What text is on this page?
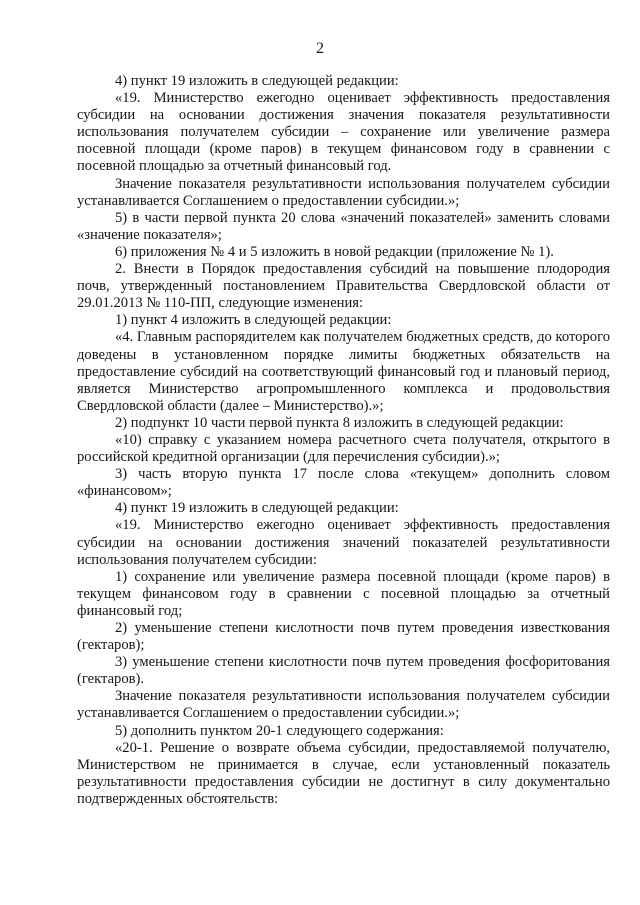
2

4) пункт 19 изложить в следующей редакции:

«19. Министерство ежегодно оценивает эффективность предоставления субсидии на основании достижения значения показателя результативности использования получателем субсидии – сохранение или увеличение размера посевной площади (кроме паров) в текущем финансовом году в сравнении с посевной площадью за отчетный финансовый год.

Значение показателя результативности использования получателем субсидии устанавливается Соглашением о предоставлении субсидии.»;

5) в части первой пункта 20 слова «значений показателей» заменить словами «значение показателя»;

6) приложения № 4 и 5 изложить в новой редакции (приложение № 1).

2. Внести в Порядок предоставления субсидий на повышение плодородия почв, утвержденный постановлением Правительства Свердловской области от 29.01.2013 № 110-ПП, следующие изменения:

1) пункт 4 изложить в следующей редакции:

«4. Главным распорядителем как получателем бюджетных средств, до которого доведены в установленном порядке лимиты бюджетных обязательств на предоставление субсидий на соответствующий финансовый год и плановый период, является Министерство агропромышленного комплекса и продовольствия Свердловской области (далее – Министерство).»;

2) подпункт 10 части первой пункта 8 изложить в следующей редакции:

«10) справку с указанием номера расчетного счета получателя, открытого в российской кредитной организации (для перечисления субсидии).»;

3) часть вторую пункта 17 после слова «текущем» дополнить словом «финансовом»;

4) пункт 19 изложить в следующей редакции:

«19. Министерство ежегодно оценивает эффективность предоставления субсидии на основании достижения значений показателей результативности использования получателем субсидии:

1) сохранение или увеличение размера посевной площади (кроме паров) в текущем финансовом году в сравнении с посевной площадью за отчетный финансовый год;

2) уменьшение степени кислотности почв путем проведения известкования (гектаров);

3) уменьшение степени кислотности почв путем проведения фосфоритования (гектаров).

Значение показателя результативности использования получателем субсидии устанавливается Соглашением о предоставлении субсидии.»;

5) дополнить пунктом 20-1 следующего содержания:

«20-1. Решение о возврате объема субсидии, предоставляемой получателю, Министерством не принимается в случае, если установленный показатель результативности предоставления субсидии не достигнут в силу документально подтвержденных обстоятельств:
